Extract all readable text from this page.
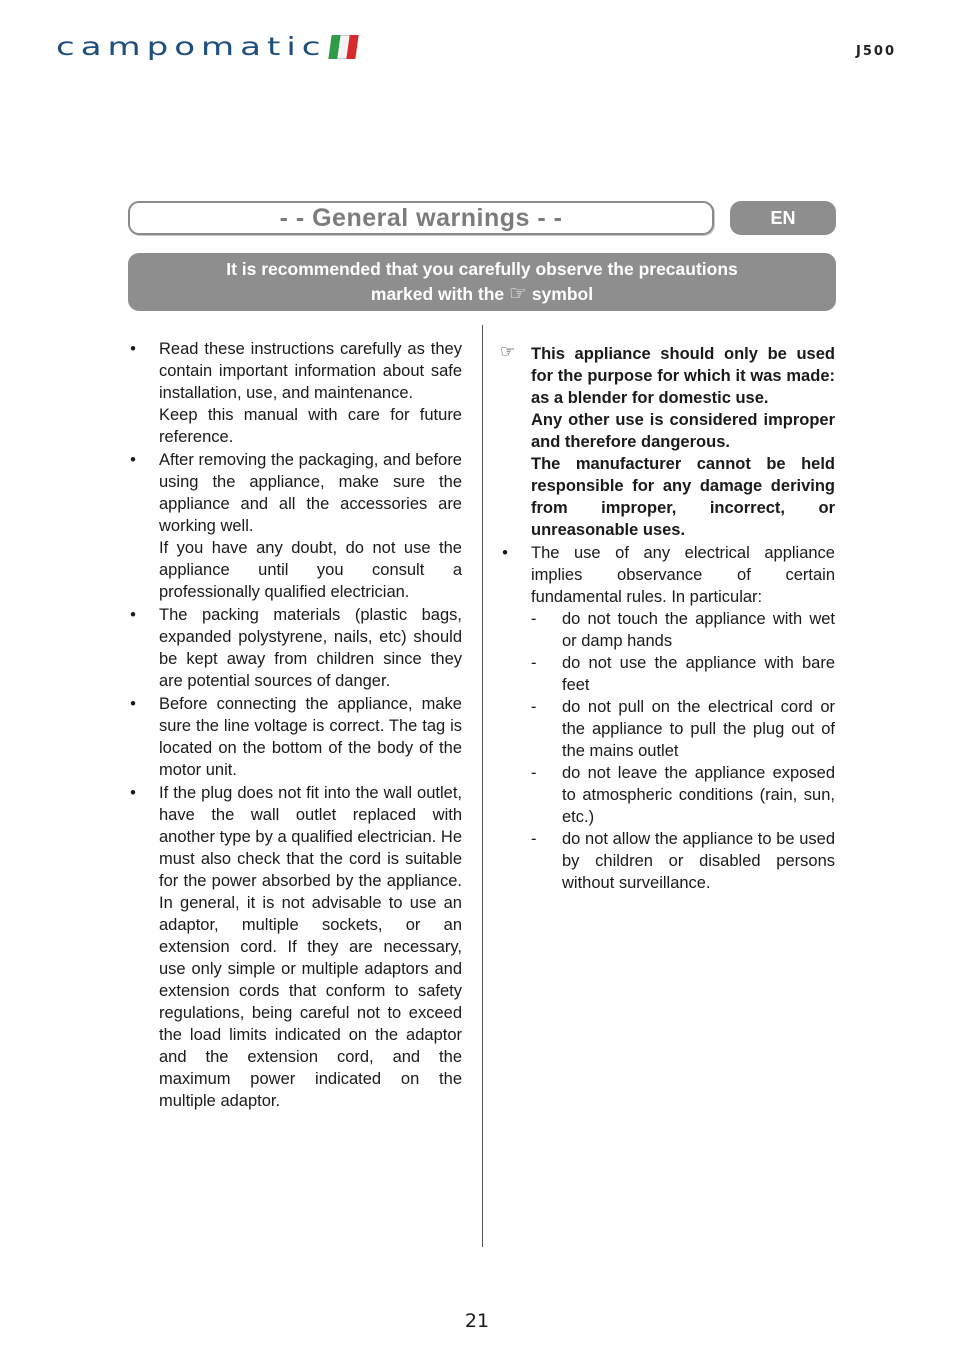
campomatic	J500
- - General warnings - -	EN
It is recommended that you carefully observe the precautions
marked with the ☞ symbol
• Read these instructions carefully as they contain important information about safe installation, use, and maintenance.

Keep this manual with care for future reference.

• After removing the packaging, and before using the appliance, make sure the appliance and all the accessories are working well.

If you have any doubt, do not use the appliance until you consult a professionally qualified electrician.

• The packing materials (plastic bags, expanded polystyrene, nails, etc) should be kept away from children since they are potential sources of danger.

• Before connecting the appliance, make sure the line voltage is correct. The tag is located on the bottom of the body of the motor unit.

• If the plug does not fit into the wall outlet, have the wall outlet replaced with another type by a qualified electrician. He must also check that the cord is suitable for the power absorbed by the appliance. In general, it is not advisable to use an adaptor, multiple sockets, or an extension cord. If they are necessary, use only simple or multiple adaptors and extension cords that conform to safety regulations, being careful not to exceed the load limits indicated on the adaptor and the extension cord, and the maximum power indicated on the multiple adaptor.

☞ This appliance should only be used for the purpose for which it was made: as a blender for domestic use.

Any other use is considered improper and therefore dangerous.

The manufacturer cannot be held responsible for any damage deriving from improper, incorrect, or unreasonable uses.

• The use of any electrical appliance implies observance of certain fundamental rules. In particular:

- do not touch the appliance with wet or damp hands

- do not use the appliance with bare feet

- do not pull on the electrical cord or the appliance to pull the plug out of the mains outlet

- do not leave the appliance exposed to atmospheric conditions (rain, sun, etc.)

- do not allow the appliance to be used by children or disabled persons without surveillance.

21
